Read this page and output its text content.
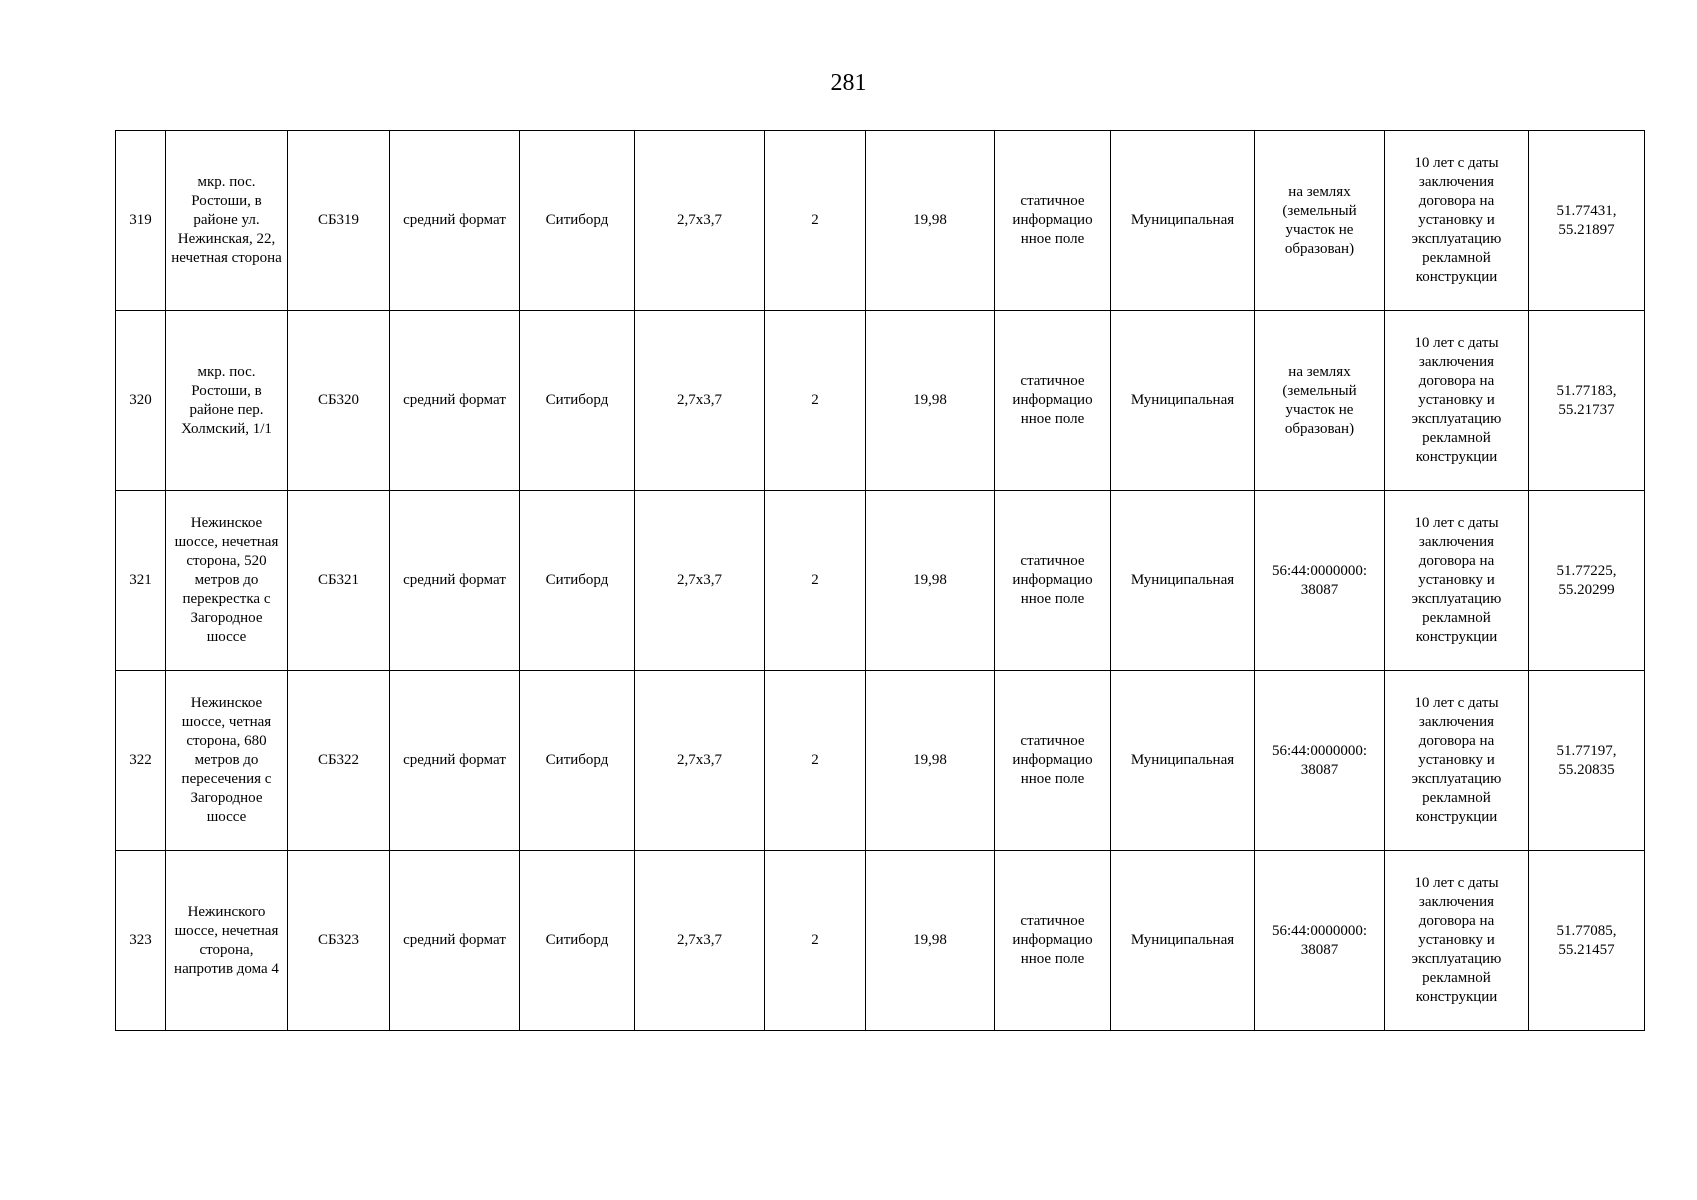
281
319	мкр. пос. Ростоши, в районе ул. Нежинская, 22, нечетная сторона	СБ319	средний формат	Ситиборд	2,7х3,7	2	19,98	статичное информацио нное поле	Муниципальная	на землях (земельный участок не образован)	10 лет с даты заключения договора на установку и эксплуатацию рекламной конструкции	51.77431, 55.21897
320	мкр. пос. Ростоши, в районе пер. Холмский, 1/1	СБ320	средний формат	Ситиборд	2,7х3,7	2	19,98	статичное информацио нное поле	Муниципальная	на землях (земельный участок не образован)	10 лет с даты заключения договора на установку и эксплуатацию рекламной конструкции	51.77183, 55.21737
321	Нежинское шоссе, нечетная сторона, 520 метров до перекрестка с Загородное шоссе	СБ321	средний формат	Ситиборд	2,7х3,7	2	19,98	статичное информацио нное поле	Муниципальная	56:44:0000000: 38087	10 лет с даты заключения договора на установку и эксплуатацию рекламной конструкции	51.77225, 55.20299
322	Нежинское шоссе, четная сторона, 680 метров до пересечения с Загородное шоссе	СБ322	средний формат	Ситиборд	2,7х3,7	2	19,98	статичное информацио нное поле	Муниципальная	56:44:0000000: 38087	10 лет с даты заключения договора на установку и эксплуатацию рекламной конструкции	51.77197, 55.20835
323	Нежинского шоссе, нечетная сторона, напротив дома 4	СБ323	средний формат	Ситиборд	2,7х3,7	2	19,98	статичное информацио нное поле	Муниципальная	56:44:0000000: 38087	10 лет с даты заключения договора на установку и эксплуатацию рекламной конструкции	51.77085, 55.21457
